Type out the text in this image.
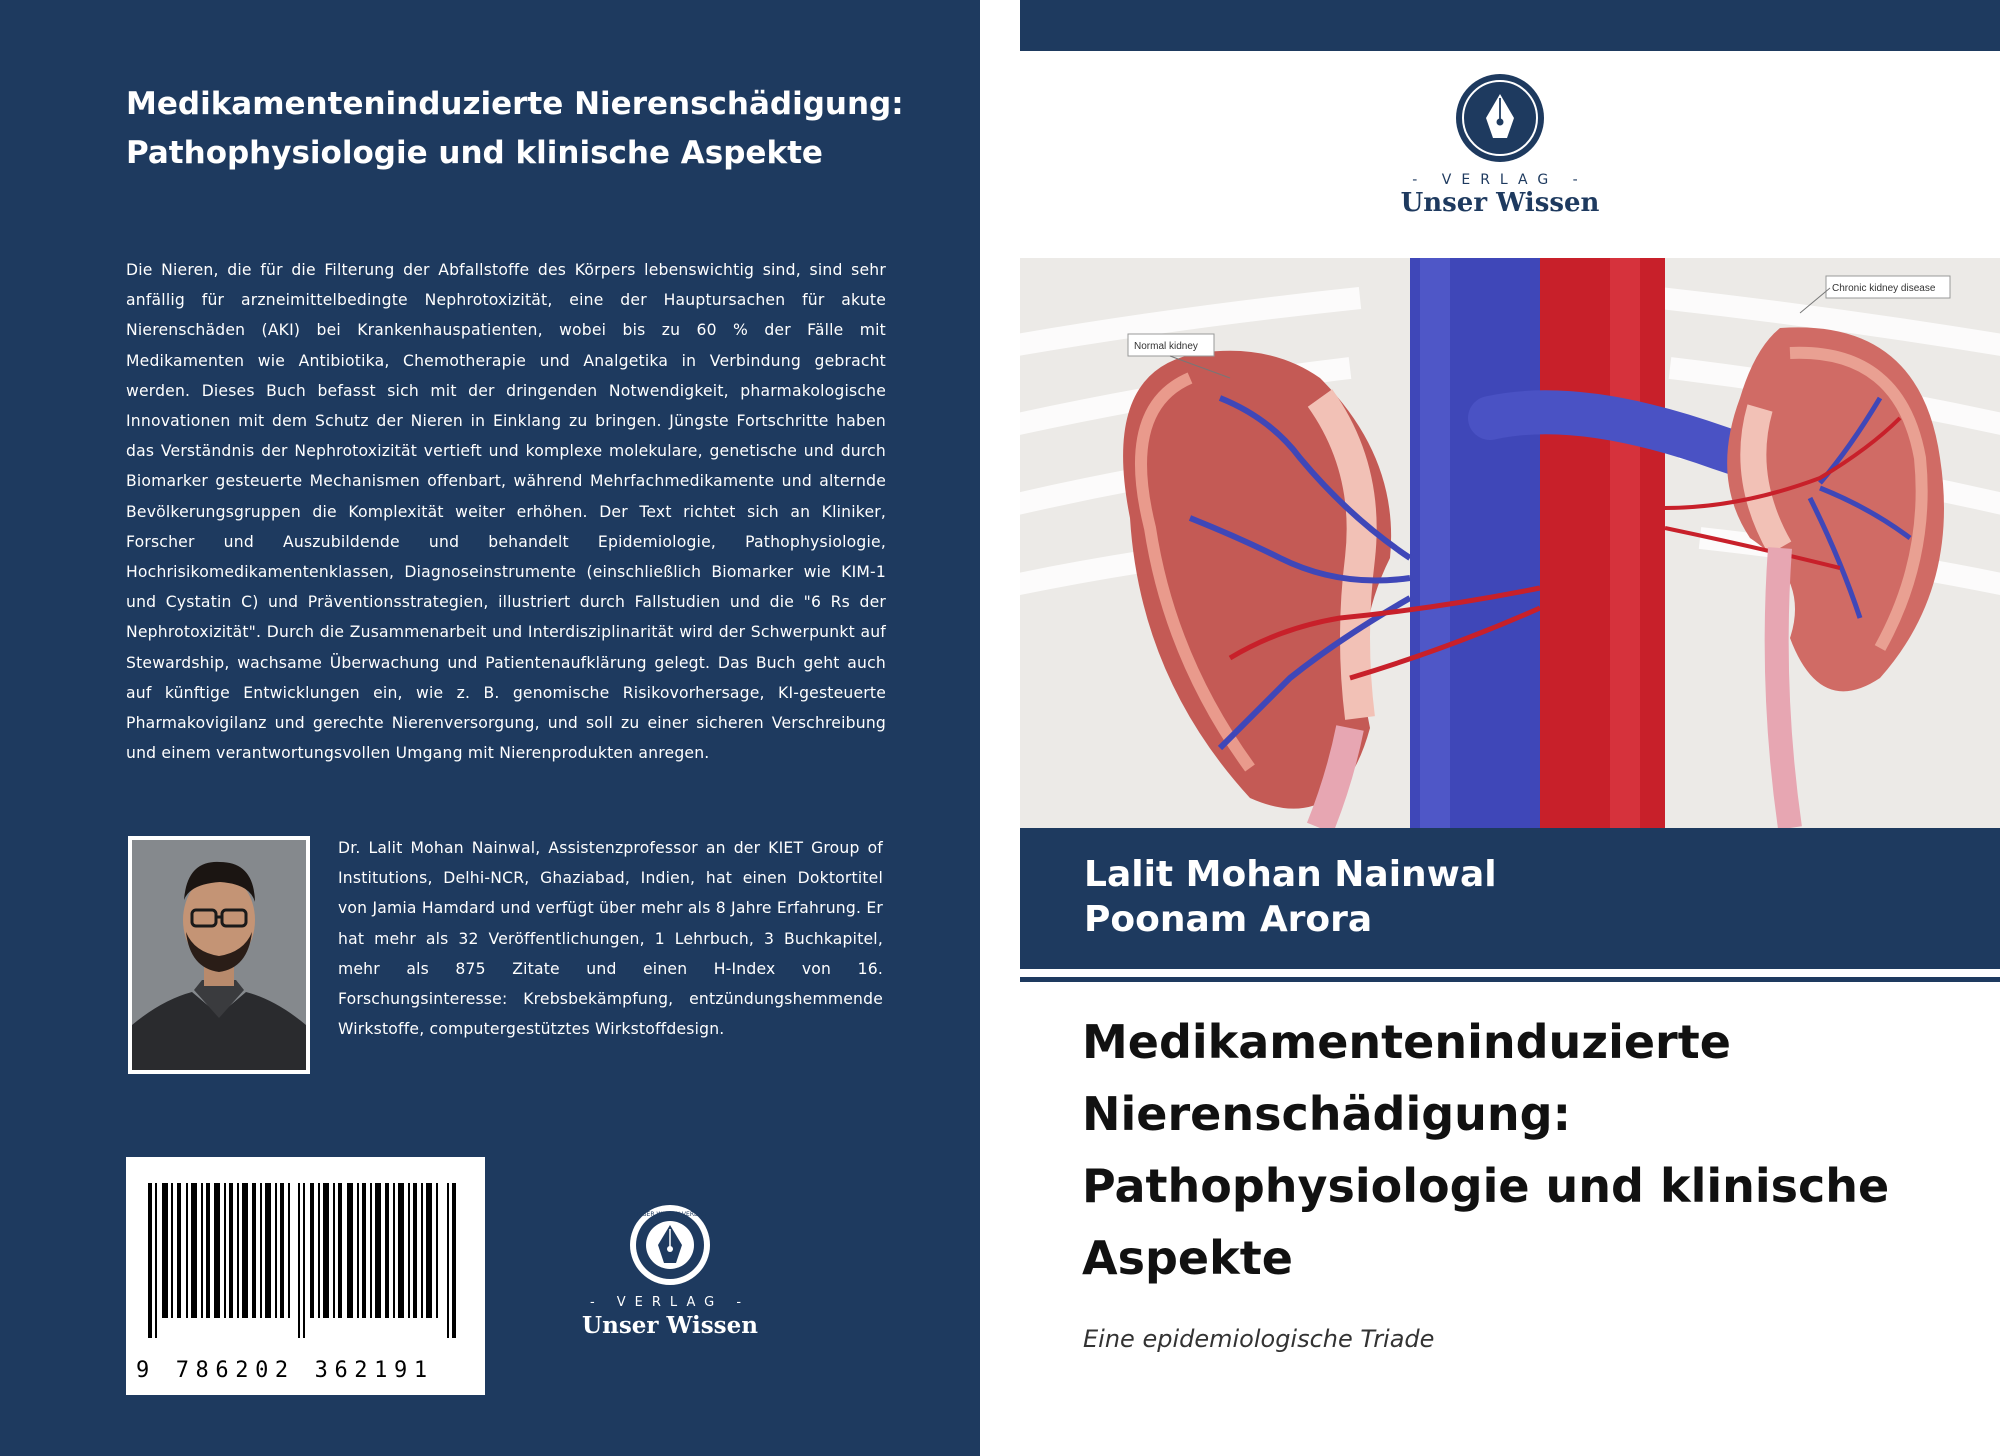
Medikamenteninduzierte Nierenschädigung: Pathophysiologie und klinische Aspekte
Die Nieren, die für die Filterung der Abfallstoffe des Körpers lebenswichtig sind, sind sehr anfällig für arzneimittelbedingte Nephrotoxizität, eine der Hauptursachen für akute Nierenschäden (AKI) bei Krankenhauspatienten, wobei bis zu 60 % der Fälle mit Medikamenten wie Antibiotika, Chemotherapie und Analgetika in Verbindung gebracht werden. Dieses Buch befasst sich mit der dringenden Notwendigkeit, pharmakologische Innovationen mit dem Schutz der Nieren in Einklang zu bringen. Jüngste Fortschritte haben das Verständnis der Nephrotoxizität vertieft und komplexe molekulare, genetische und durch Biomarker gesteuerte Mechanismen offenbart, während Mehrfachmedikamente und alternde Bevölkerungsgruppen die Komplexität weiter erhöhen. Der Text richtet sich an Kliniker, Forscher und Auszubildende und behandelt Epidemiologie, Pathophysiologie, Hochrisikomedikamentenklassen, Diagnoseinstrumente (einschließlich Biomarker wie KIM-1 und Cystatin C) und Präventionsstrategien, illustriert durch Fallstudien und die "6 Rs der Nephrotoxizität". Durch die Zusammenarbeit und Interdisziplinarität wird der Schwerpunkt auf Stewardship, wachsame Überwachung und Patientenaufklärung gelegt. Das Buch geht auch auf künftige Entwicklungen ein, wie z. B. genomische Risikovorhersage, KI-gesteuerte Pharmakovigilanz und gerechte Nierenversorgung, und soll zu einer sicheren Verschreibung und einem verantwortungsvollen Umgang mit Nierenprodukten anregen.
Dr. Lalit Mohan Nainwal, Assistenzprofessor an der KIET Group of Institutions, Delhi-NCR, Ghaziabad, Indien, hat einen Doktortitel von Jamia Hamdard und verfügt über mehr als 8 Jahre Erfahrung. Er hat mehr als 32 Veröffentlichungen, 1 Lehrbuch, 3 Buchkapitel, mehr als 875 Zitate und einen H-Index von 16. Forschungsinteresse: Krebsbekämpfung, entzündungshemmende Wirkstoffe, computergestütztes Wirkstoffdesign.
9 786202 362191
UNSER WISSEN VERLAG
- VERLAG -
Unser Wissen
- VERLAG -
Unser Wissen
Normal kidney
Chronic kidney disease
Lalit Mohan Nainwal
Poonam Arora
Medikamenteninduzierte Nierenschädigung: Pathophysiologie und klinische Aspekte
Eine epidemiologische Triade
